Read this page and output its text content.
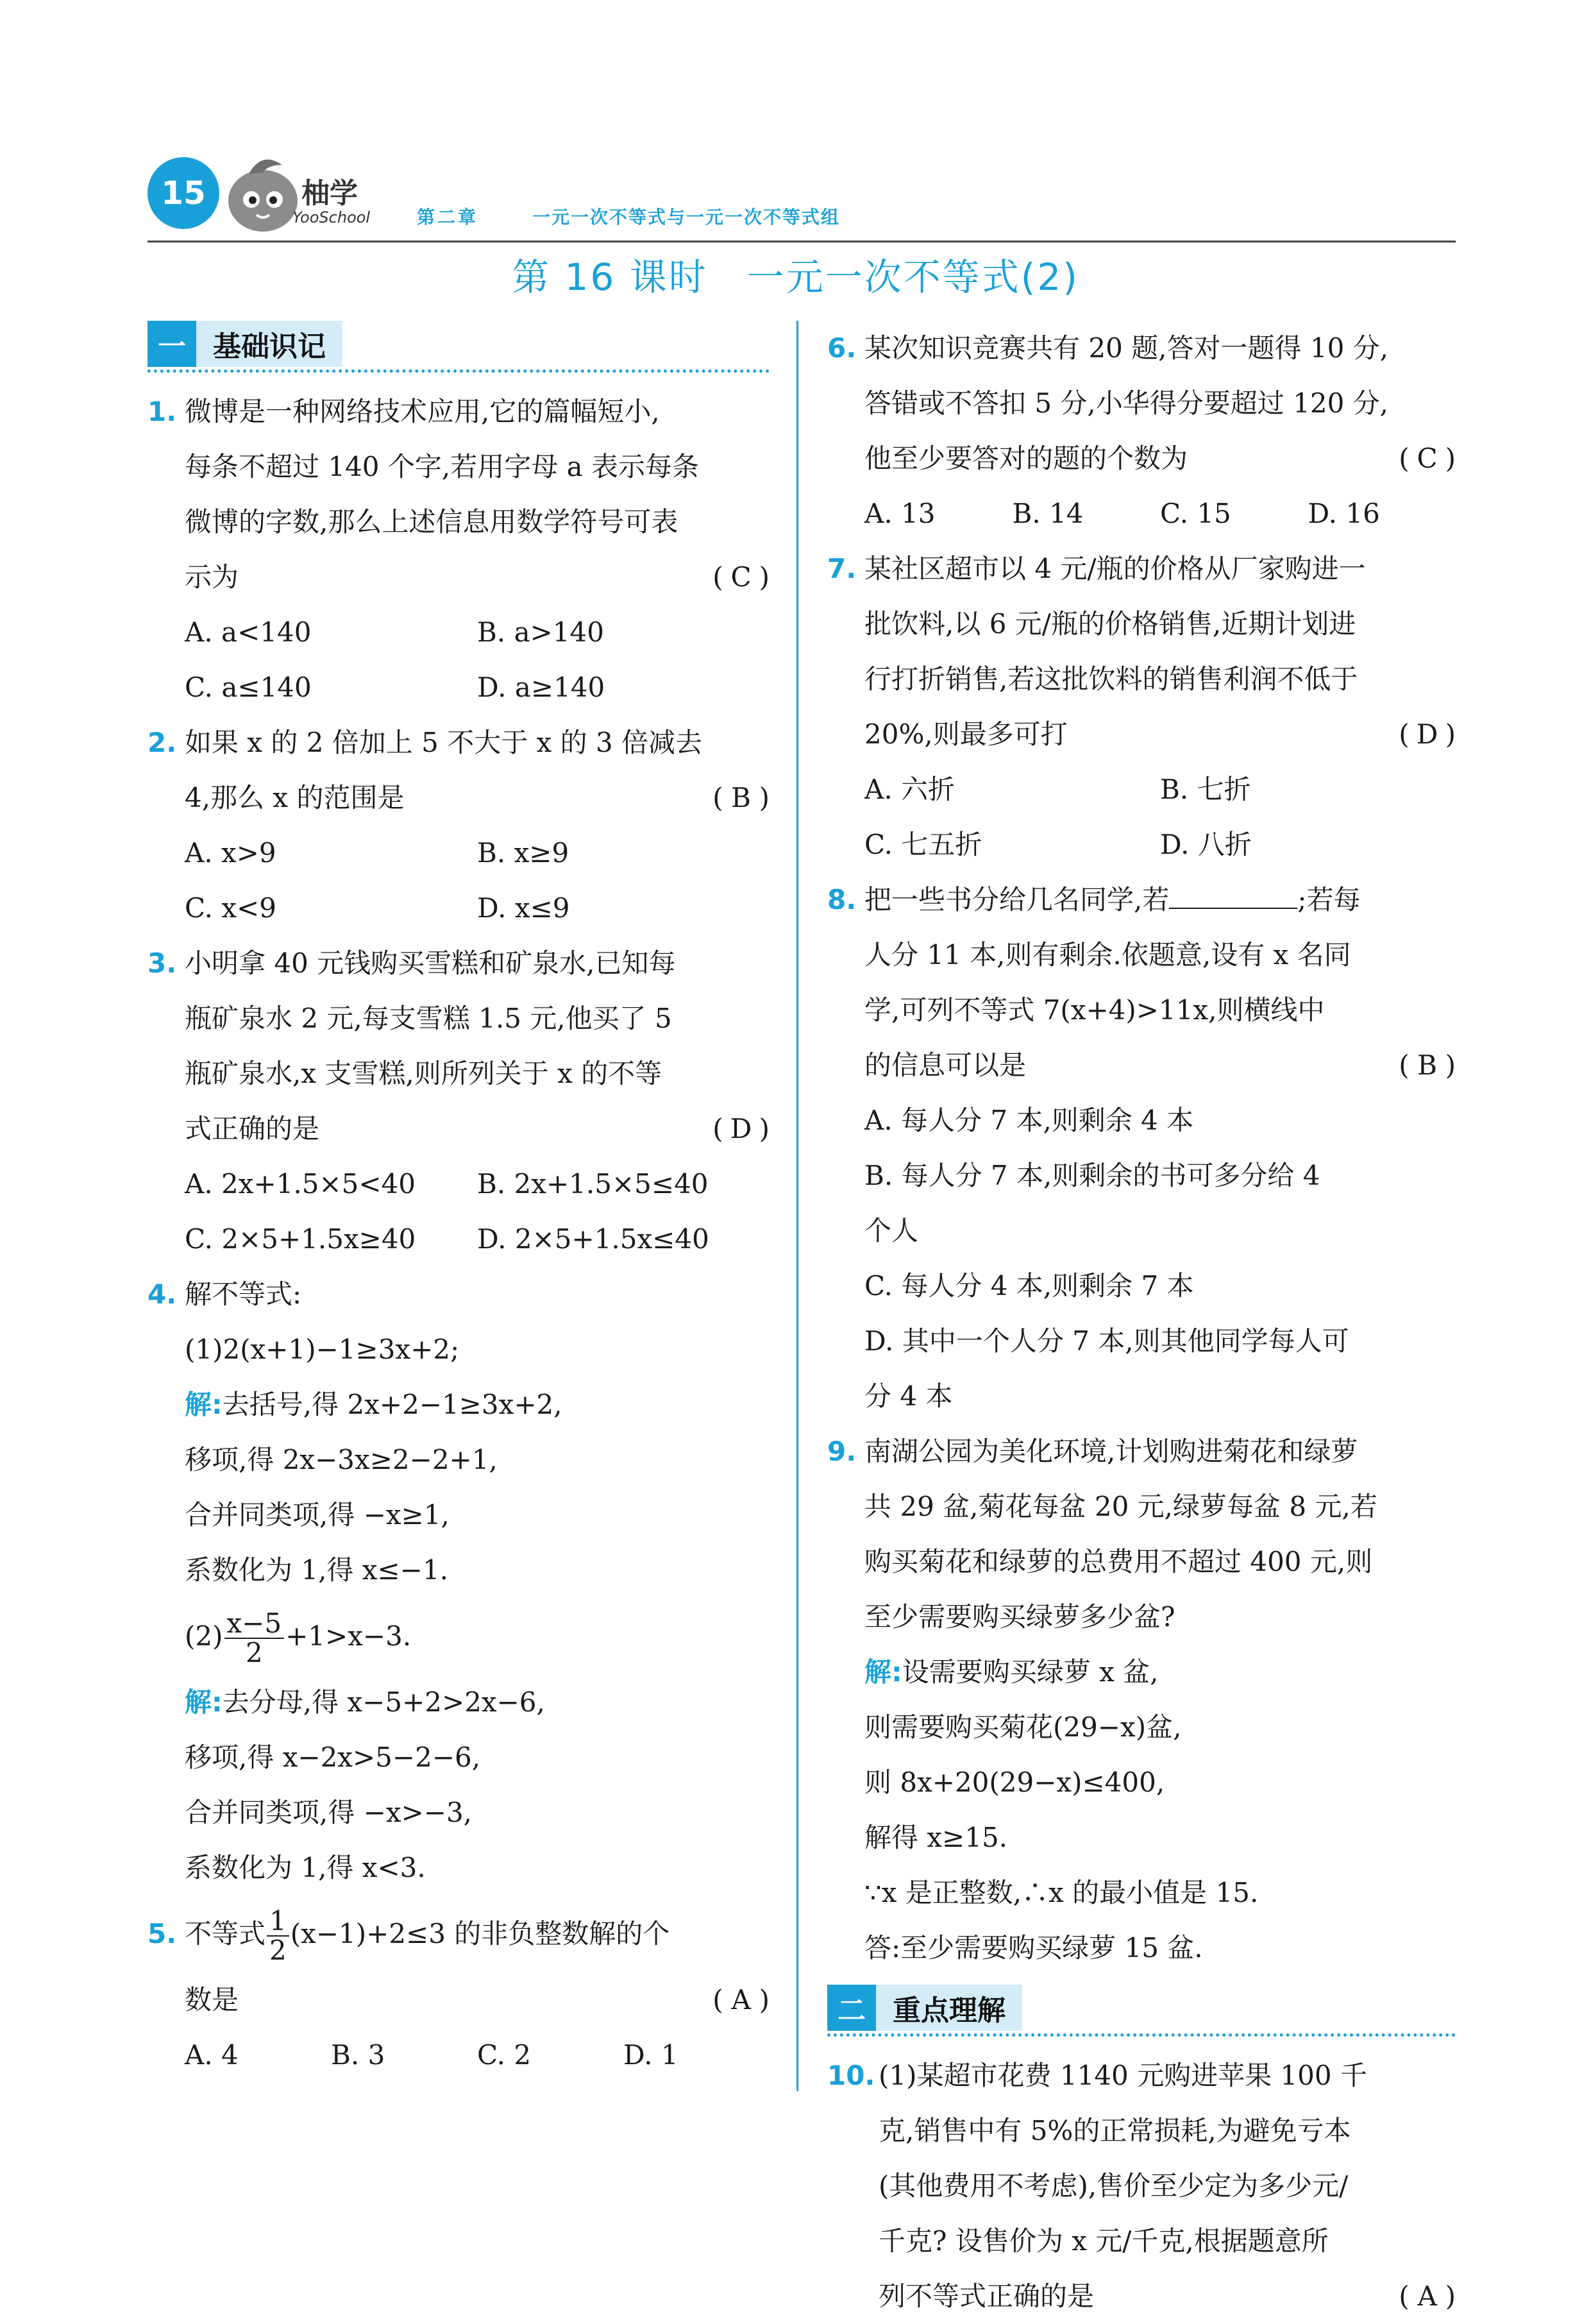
15	柚学
YooSchool	第二章	一元一次不等式与一元一次不等式组
第 16 课时　一元一次不等式(2)
一 基础识记
1. 微博是一种网络技术应用,它的篇幅短小,
每条不超过 140 个字,若用字母 a 表示每条
微博的字数,那么上述信息用数学符号可表
示为	( C )
A. a<140	B. a>140
C. a≤140	D. a≥140
2. 如果 x 的 2 倍加上 5 不大于 x 的 3 倍减去
4,那么 x 的范围是	( B )
A. x>9	B. x≥9
C. x<9	D. x≤9
3. 小明拿 40 元钱购买雪糕和矿泉水,已知每
瓶矿泉水 2 元,每支雪糕 1.5 元,他买了 5
瓶矿泉水,x 支雪糕,则所列关于 x 的不等
式正确的是	( D )
A. 2x+1.5×5<40	B. 2x+1.5×5≤40
C. 2×5+1.5x≥40	D. 2×5+1.5x≤40
4. 解不等式:
(1)2(x+1)−1≥3x+2;
解:去括号,得 2x+2−1≥3x+2,
移项,得 2x−3x≥2−2+1,
合并同类项,得 −x≥1,
系数化为 1,得 x≤−1.
$(2) \frac{x-5}{2} +1>x-3$.
解:去分母,得 x−5+2>2x−6,
移项,得 x−2x>5−2−6,
合并同类项,得 −x>−3,
系数化为 1,得 x<3.
5. 不等式 $\frac{1}{2} (x-1)+2\le 3$ 的非负整数解的个
数是	( A )
A. 4	B. 3	C. 2	D. 1
6. 某次知识竞赛共有 20 题,答对一题得 10 分,
答错或不答扣 5 分,小华得分要超过 120 分,
他至少要答对的题的个数为	( C )
A. 13	B. 14	C. 15	D. 16
7. 某社区超市以 4 元/瓶的价格从厂家购进一
批饮料,以 6 元/瓶的价格销售,近期计划进
行打折销售,若这批饮料的销售利润不低于
20%,则最多可打	( D )
A. 六折	B. 七折
C. 七五折	D. 八折
8. 把一些书分给几名同学,若	;若每
人分 11 本,则有剩余.依题意,设有 x 名同
学,可列不等式 7(x+4)>11x,则横线中
的信息可以是	( B )
A. 每人分 7 本,则剩余 4 本
B. 每人分 7 本,则剩余的书可多分给 4
个人
C. 每人分 4 本,则剩余 7 本
D. 其中一个人分 7 本,则其他同学每人可
分 4 本
9. 南湖公园为美化环境,计划购进菊花和绿萝
共 29 盆,菊花每盆 20 元,绿萝每盆 8 元,若
购买菊花和绿萝的总费用不超过 400 元,则
至少需要购买绿萝多少盆?
解:设需要购买绿萝 x 盆,
则需要购买菊花(29−x)盆,
则 8x+20(29−x)≤400,
解得 x≥15.
∵x 是正整数,∴x 的最小值是 15.
答:至少需要购买绿萝 15 盆.
二 重点理解
10. (1)某超市花费 1140 元购进苹果 100 千
克,销售中有 5%的正常损耗,为避免亏本
(其他费用不考虑),售价至少定为多少元/
千克? 设售价为 x 元/千克,根据题意所
列不等式正确的是	( A )
